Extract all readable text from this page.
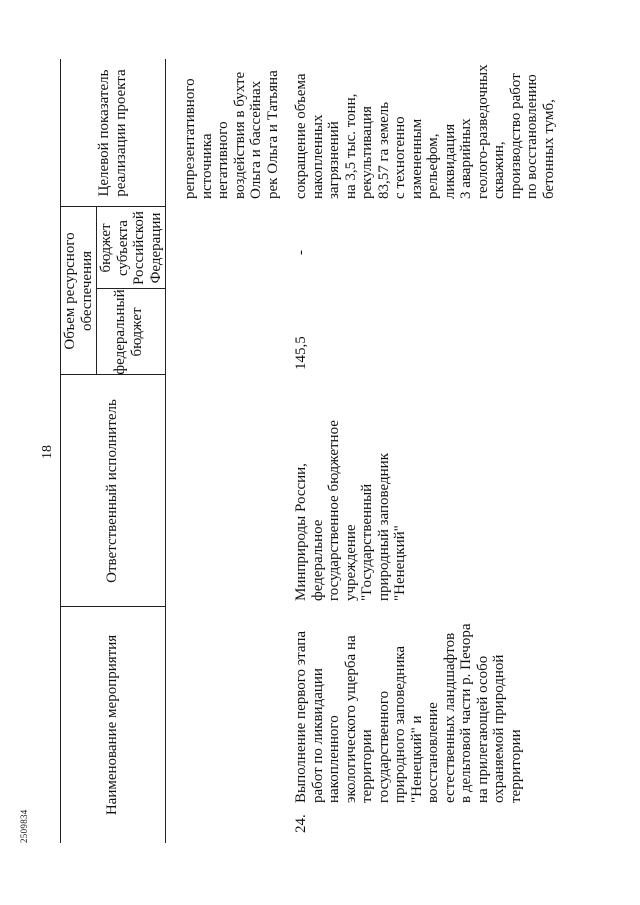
18
2509834
Наименование мероприятия
Ответственный исполнитель
Объем ресурсного
обеспечения федеральный
бюджет
бюджет
субъекта
Российской
Федерации
Целевой показатель
реализации проекта	репрезентативного
источника
негативного
воздействия в бухте
Ольга и бассейнах
рек Ольга и Татьяна
24.
Выполнение первого этапа
работ по ликвидации
накопленного
экологического ущерба на
территории
государственного
природного заповедника
"Ненецкий" и
восстановление
естественных ландшафтов
в дельтовой части р. Печора
на прилегающей особо
охраняемой природной
территории
Минприроды России,
федеральное
государственное бюджетное
учреждение
"Государственный
природный заповедник
"Ненецкий"
145,5
-
сокращение объема
накопленных
загрязнений
на 3,5 тыс. тонн,
рекультивация
83,57 га земель
с техногенно
измененным
рельефом,
ликвидация
3 аварийных
геолого-разведочных
скважин,
производство работ
по восстановлению
бетонных тумб,
